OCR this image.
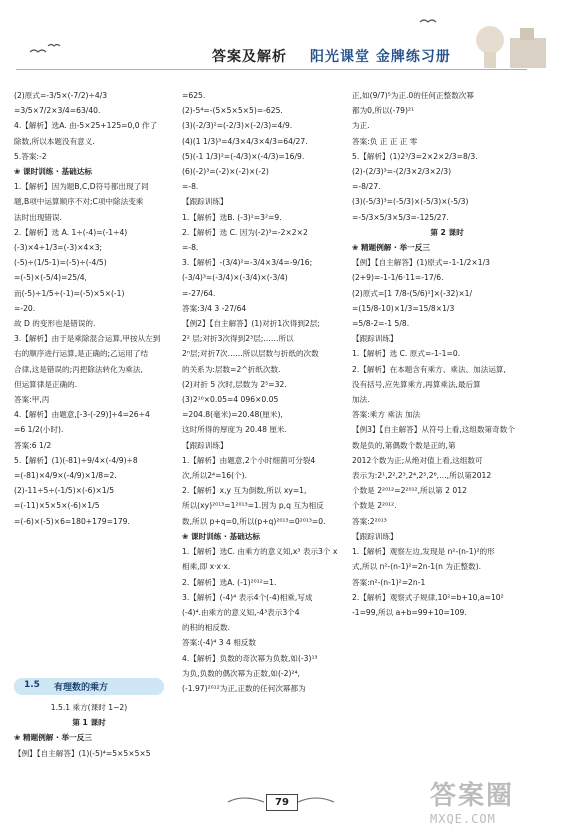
答案及解析 阳光课堂 金牌练习册
(2)原式=-3/5×(-7/2)÷4/3
=3/5×7/2×3/4=63/40.
4.【解析】选A. 由-5×25+125=0,0 作了
除数,所以本题没有意义.
5.答案:-2
❀ 课时训练 · 基础达标
1.【解析】因为题B,C,D符号都出现了同
题,B项中运算顺序不对;C项中除法变乘
法时出现错误.
2.【解析】选 A. 1÷(-4)=(-1÷4)
(-3)×4÷1/3=(-3)×4×3;
(-5)÷(1/5-1)=(-5)÷(-4/5)
=(-5)×(-5/4)=25/4,
而(-5)÷1/5÷(-1)=(-5)×5×(-1)
=-20.
故 D 的变形也是错误的.
3.【解析】由于是乘除混合运算,甲按从左到
右的顺序进行运算,是正确的;乙运用了结
合律,这是错误的;丙把除法转化为乘法,
但运算律是正确的.
答案:甲,丙
4.【解析】由题意,[-3-(-29)]÷4=26÷4
=6 1/2(小时).
答案:6 1/2
5.【解析】(1)(-81)÷9/4×(-4/9)÷8
=(-81)×4/9×(-4/9)×1/8=2.
(2)-11÷5÷(-1/5)×(-6)×1/5
=(-11)×5×5×(-6)×1/5
=(-6)×(-5)×6=180+179=179.
1.5 有理数的乘方
1.5.1 乘方(课时 1~2)
第 1 课时
❀ 精题例解 · 举一反三
【例】【自主解答】(1)(-5)⁴=5×5×5×5
=625.
(2)-5⁴=-(5×5×5×5)=-625.
(3)(-2/3)²=(-2/3)×(-2/3)=4/9.
(4)(1 1/3)³=4/3×4/3×4/3=64/27.
(5)(-1 1/3)²=(-4/3)×(-4/3)=16/9.
(6)(-2)³=(-2)×(-2)×(-2)
=-8.
【跟踪训练】
1.【解析】选B. (-3)²=3²=9.
2.【解析】选 C. 因为(-2)³=-2×2×2
=-8.
3.【解析】-(3/4)²=-3/4×3/4=-9/16;
(-3/4)³=(-3/4)×(-3/4)×(-3/4)
=-27/64.
答案:3/4 3 -27/64
【例2】【自主解答】(1)对折1次得到2层;
2² 层;对折3次得到2³层;……所以
2ⁿ层;对折7次……所以层数与折纸的次数
的关系为:层数=2^折纸次数.
(2)对折 5 次时,层数为 2⁵=32.
(3)2¹⁰×0.05=4 096×0.05
=204.8(毫米)=20.48(厘米),
这时所得的厚度为 20.48 厘米.
【跟踪训练】
1.【解析】由题意,2个小时细菌可分裂4
次,所以2⁴=16(个).
2.【解析】x,y 互为倒数,所以 xy=1,
所以(xy)²⁰¹³=1²⁰¹³=1.因为 p,q 互为相反
数,所以 p+q=0,所以(p+q)²⁰¹³=0²⁰¹³=0.
❀ 课时训练 · 基础达标
1.【解析】选C. 由乘方的意义知,x³ 表示3个 x
相乘,即 x·x·x.
2.【解析】选A. (-1)²⁰¹²=1.
3.【解析】(-4)⁴ 表示4个(-4)相乘,写成
(-4)⁴.由乘方的意义知,-4³表示3个4
的积的相反数.
答案:(-4)⁴ 3 4 相反数
4.【解析】负数的奇次幂为负数,如(-3)¹³
为负,负数的偶次幂为正数,如(-2)²⁴,
(-1.97)²⁰¹²为正,正数的任何次幂都为
正,如(9/7)⁵为正.0的任何正整数次幂
都为0,所以(-79)²¹
为正.
答案:负 正 正 正 零
5.【解析】(1)2³/3=2×2×2/3=8/3.
(2)-(2/3)³=-(2/3×2/3×2/3)
=-8/27.
(3)(-5/3)³=(-5/3)×(-5/3)×(-5/3)
=-5/3×5/3×5/3=-125/27.
第 2 课时
❀ 精题例解 · 举一反三
【例】【自主解答】(1)原式=-1-1/2×1/3
(2+9)=-1-1/6·11=-17/6.
(2)原式=[1 7/8-(5/6)²]×(-32)×1/
=(15/8-10)×1/3=15/8×1/3
=5/8-2=-1 5/8.
【跟踪训练】
1.【解析】选 C. 原式=-1-1=0.
2.【解析】在本题含有乘方、乘法、加法运算,
没有括号,应先算乘方,再算乘法,最后算
加法.
答案:乘方 乘法 加法
【例3】【自主解答】从符号上看,这组数第奇数个
数是负的,第偶数个数是正的,第
2012个数为正;从绝对值上看,这组数可
表示为:2¹,2²,2³,2⁴,2⁵,2⁶,…,所以第2012
个数是 2²⁰¹²=2²⁰¹²,所以第 2 012
个数是 2²⁰¹².
答案:2²⁰¹³
【跟踪训练】
1.【解析】观察左边,发现是 n²-(n-1)²的形
式,所以 n²-(n-1)²=2n-1(n 为正整数).
答案:n²-(n-1)²=2n-1
2.【解析】观察式子规律,10²=b+10,a=10²
-1=99,所以 a+b=99+10=109.
79	答案圈
MXQE.COM
